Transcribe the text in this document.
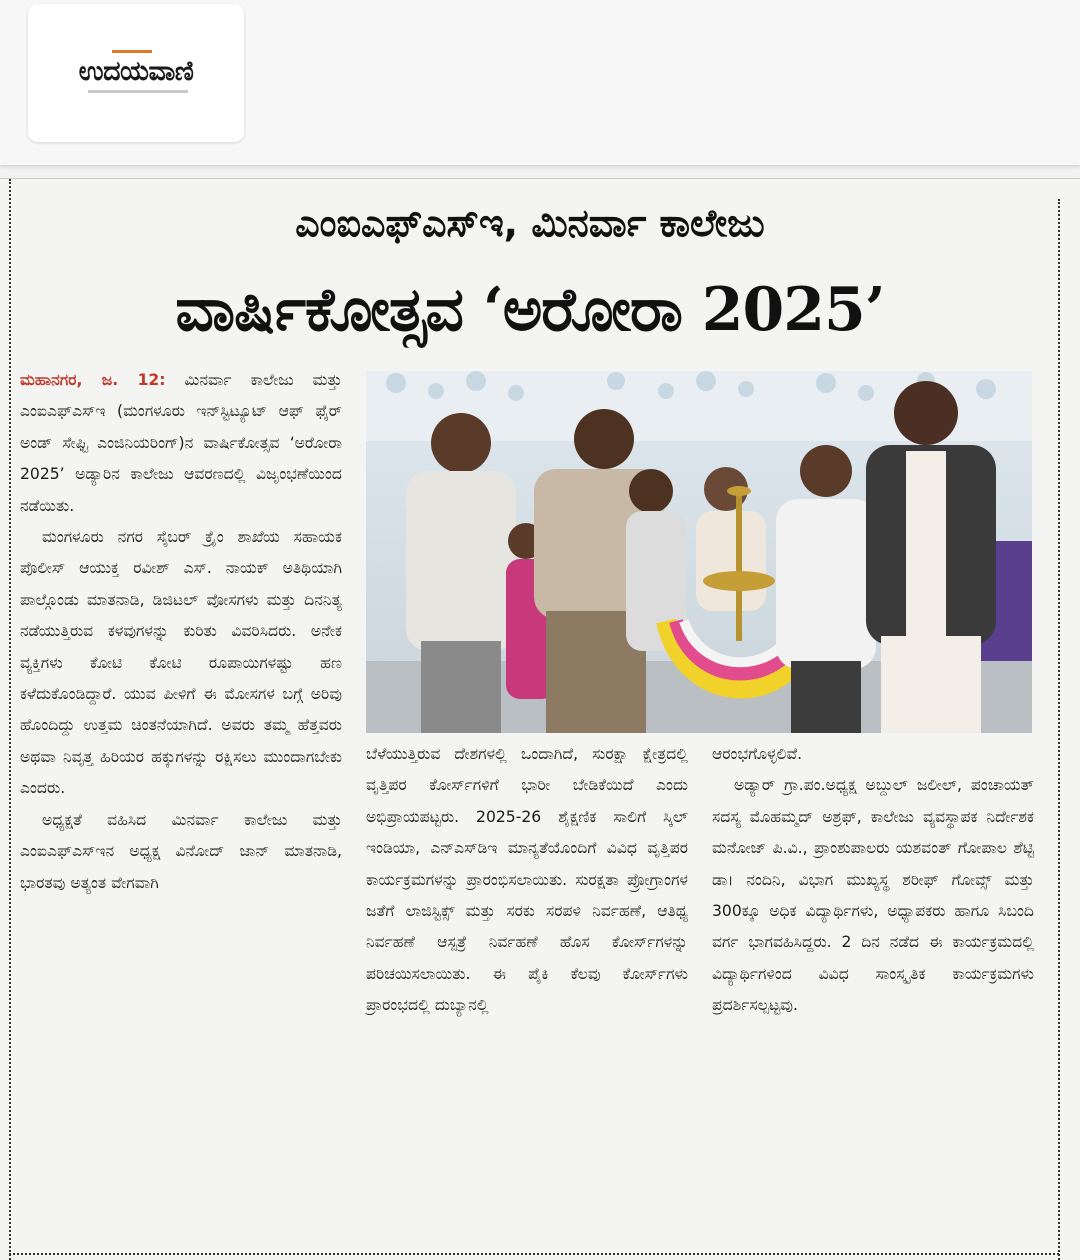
ಉದಯವಾಣಿ
ಎಂಐಎಫ್‌ಎಸ್‌ಇ, ಮಿನರ್ವಾ ಕಾಲೇಜು
ವಾರ್ಷಿಕೋತ್ಸವ ‘ಅರೋರಾ 2025’

ಮಹಾನಗರ, ಜ. 12: ಮಿನರ್ವಾ ಕಾಲೇಜು ಮತ್ತು ಎಂಐಎಫ್‌ಎಸ್‌ಇ (ಮಂಗಳೂರು ಇನ್‌ಸ್ಟಿಟ್ಯೂಟ್‌ ಆಫ್‌ ಫೈರ್‌ ಅಂಡ್‌ ಸೇಫ್ಟಿ ಎಂಜಿನಿಯರಿಂಗ್‌)ನ ವಾರ್ಷಿಕೋತ್ಸವ ‘ಅರೋರಾ 2025’ ಅಡ್ಯಾರಿನ ಕಾಲೇಜು ಆವರಣದಲ್ಲಿ ವಿಜೃಂಭಣೆಯಿಂದ ನಡೆಯಿತು.

ಮಂಗಳೂರು ನಗರ ಸೈಬರ್‌ ಕ್ರೈಂ ಶಾಖೆಯ ಸಹಾಯಕ ಪೊಲೀಸ್‌ ಆಯುಕ್ತ ರವೀಶ್‌ ಎಸ್‌. ನಾಯಕ್‌ ಅತಿಥಿಯಾಗಿ ಪಾಲ್ಗೊಂಡು ಮಾತನಾಡಿ, ಡಿಜಿಟಲ್‌ ವೋಸಗಳು ಮತ್ತು ದಿನನಿತ್ಯ ನಡೆಯುತ್ತಿರುವ ಕಳವುಗಳನ್ನು ಕುರಿತು ವಿವರಿಸಿದರು. ಅನೇಕ ವ್ಯಕ್ತಿಗಳು ಕೋಟಿ ಕೋಟಿ ರೂಪಾಯಿಗಳಷ್ಟು ಹಣ ಕಳೆದುಕೊಂಡಿದ್ದಾರೆ. ಯುವ ಪೀಳಿಗೆ ಈ ಮೋಸಗಳ ಬಗ್ಗೆ ಅರಿವು ಹೊಂದಿದ್ದು ಉತ್ತಮ ಚಿಂತನೆಯಾಗಿದೆ. ಅವರು ತಮ್ಮ ಹೆತ್ತವರು ಅಥವಾ ನಿವೃತ್ತ ಹಿರಿಯರ ಹಕ್ಕುಗಳನ್ನು ರಕ್ಷಿಸಲು ಮುಂದಾಗಬೇಕು ಎಂದರು.

ಅಧ್ಯಕ್ಷತೆ ವಹಿಸಿದ ಮಿನರ್ವಾ ಕಾಲೇಜು ಮತ್ತು ಎಂಐಎಫ್‌ಎಸ್‌ಇನ ಅಧ್ಯಕ್ಷ ವಿನೋದ್‌ ಜಾನ್‌ ಮಾತನಾಡಿ, ಭಾರತವು ಅತ್ಯಂತ ವೇಗವಾಗಿ

ಬೆಳೆಯುತ್ತಿರುವ ದೇಶಗಳಲ್ಲಿ ಒಂದಾಗಿದೆ, ಸುರಕ್ಷಾ ಕ್ಷೇತ್ರದಲ್ಲಿ ವೃತ್ತಿಪರ ಕೋರ್ಸ್‌ಗಳಿಗೆ ಭಾರೀ ಬೇಡಿಕೆಯಿದೆ ಎಂದು ಅಭಿಪ್ರಾಯಪಟ್ಟರು. 2025-26 ಶೈಕ್ಷಣಿಕ ಸಾಲಿಗೆ ಸ್ಕಿಲ್‌ ಇಂಡಿಯಾ, ಎನ್‌ಎಸ್‌ಡಿಇ ಮಾನ್ಯತೆಯೊಂದಿಗೆ ವಿವಿಧ ವೃತ್ತಿಪರ ಕಾರ್ಯಕ್ರಮಗಳನ್ನು ಪ್ರಾರಂಭಿಸಲಾಯಿತು. ಸುರಕ್ಷತಾ ಪ್ರೋಗ್ರಾಂಗಳ ಜತೆಗೆ ಲಾಜಿಸ್ಟಿಕ್ಸ್‌ ಮತ್ತು ಸರಕು ಸರಪಳಿ ನಿರ್ವಹಣೆ, ಆತಿಥ್ಯ ನಿರ್ವಹಣೆ ಆಸ್ಪತ್ರೆ ನಿರ್ವಹಣೆ ಹೊಸ ಕೋರ್ಸ್‌ಗಳನ್ನು ಪರಿಚಯಿಸಲಾಯಿತು. ಈ ಪೈಕಿ ಕೆಲವು ಕೋರ್ಸ್‌ಗಳು ಪ್ರಾರಂಭದಲ್ಲಿ ದುಬ್ಯಾನಲ್ಲಿ

ಆರಂಭಗೊಳ್ಳಲಿವೆ.

ಅಡ್ಯಾರ್‌ ಗ್ರಾ.ಪಂ.ಅಧ್ಯಕ್ಷ ಅಬ್ದುಲ್‌ ಜಲೀಲ್‌, ಪಂಚಾಯತ್‌ ಸದಸ್ಯ ಮೊಹಮ್ಮದ್‌ ಅಶ್ರಫ್‌, ಕಾಲೇಜು ವ್ಯವಸ್ಥಾಪಕ ನಿರ್ದೇಶಕ ಮನೋಜ್‌ ಪಿ.ವಿ., ಪ್ರಾಂಶುಪಾಲರು ಯಶವಂತ್‌ ಗೋಪಾಲ ಶೆಟ್ಟಿ ಡಾ। ನಂದಿನಿ, ವಿಭಾಗ ಮುಖ್ಯಸ್ಥ ಶರೀಫ್‌ ಗೋವ್ಸ್‌ ಮತ್ತು 300ಕ್ಕೂ ಅಧಿಕ ವಿದ್ಯಾರ್ಥಿಗಳು, ಅಧ್ಯಾಪಕರು ಹಾಗೂ ಸಿಬಂದಿ ವರ್ಗ ಭಾಗವಹಿಸಿದ್ದರು. 2 ದಿನ ನಡೆದ ಈ ಕಾರ್ಯಕ್ರಮದಲ್ಲಿ ವಿದ್ಯಾರ್ಥಿಗಳಿಂದ ವಿವಿಧ ಸಾಂಸ್ಕೃತಿಕ ಕಾರ್ಯಕ್ರಮಗಳು ಪ್ರದರ್ಶಿಸಲ್ಪಟ್ಟವು.
